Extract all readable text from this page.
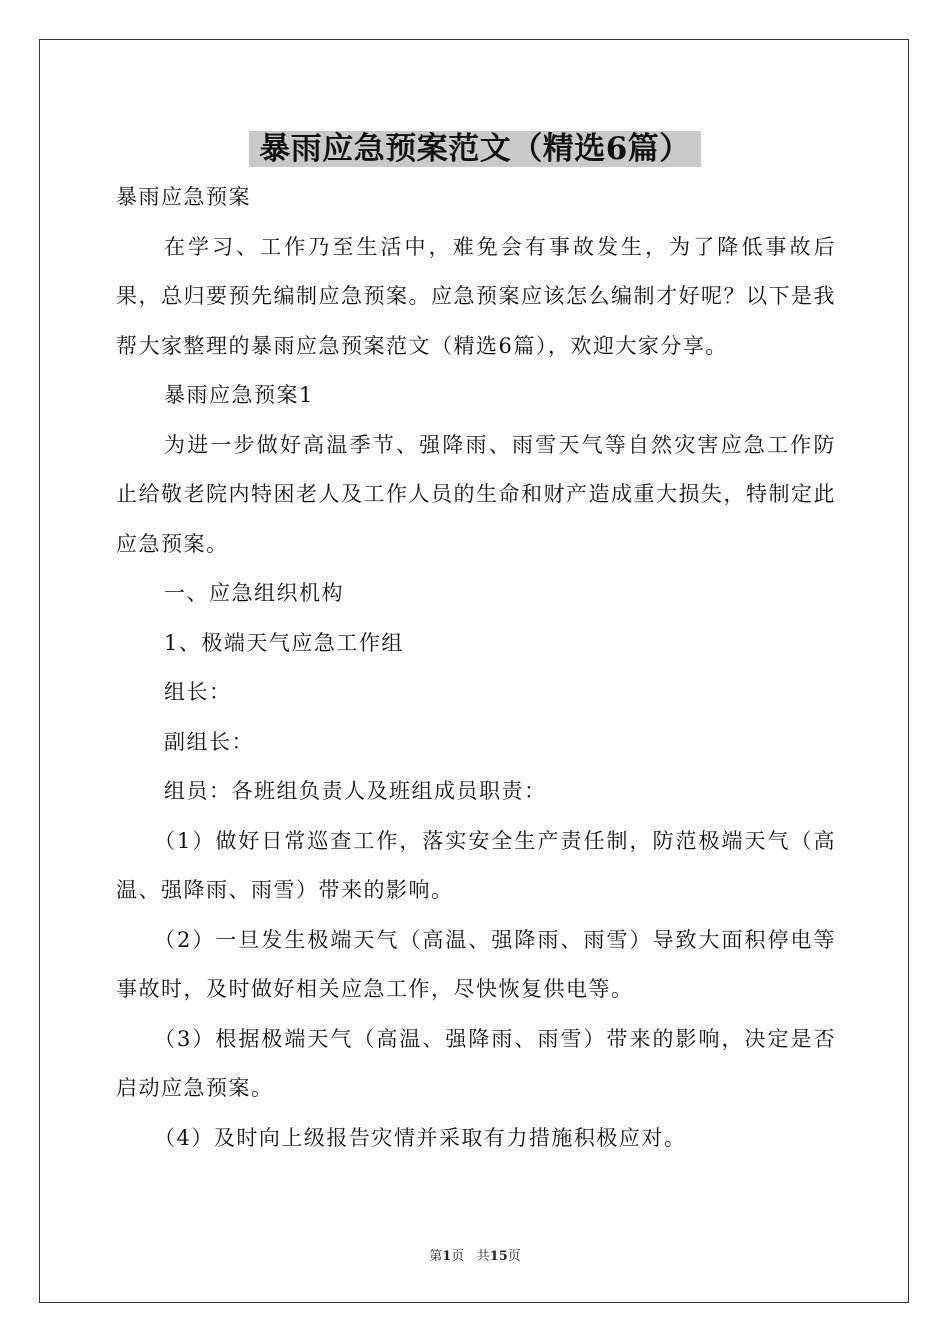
暴雨应急预案范文（精选6篇）

暴雨应急预案

在学习、工作乃至生活中，难免会有事故发生，为了降低事故后果，总归要预先编制应急预案。应急预案应该怎么编制才好呢？以下是我帮大家整理的暴雨应急预案范文（精选6篇），欢迎大家分享。

暴雨应急预案1

为进一步做好高温季节、强降雨、雨雪天气等自然灾害应急工作防止给敬老院内特困老人及工作人员的生命和财产造成重大损失，特制定此应急预案。

一、应急组织机构

1、极端天气应急工作组

组长：

副组长：

组员：各班组负责人及班组成员职责：

（1）做好日常巡查工作，落实安全生产责任制，防范极端天气（高温、强降雨、雨雪）带来的影响。

（2）一旦发生极端天气（高温、强降雨、雨雪）导致大面积停电等事故时，及时做好相关应急工作，尽快恢复供电等。

（3）根据极端天气（高温、强降雨、雨雪）带来的影响，决定是否启动应急预案。

（4）及时向上级报告灾情并采取有力措施积极应对。

第1页 共15页
